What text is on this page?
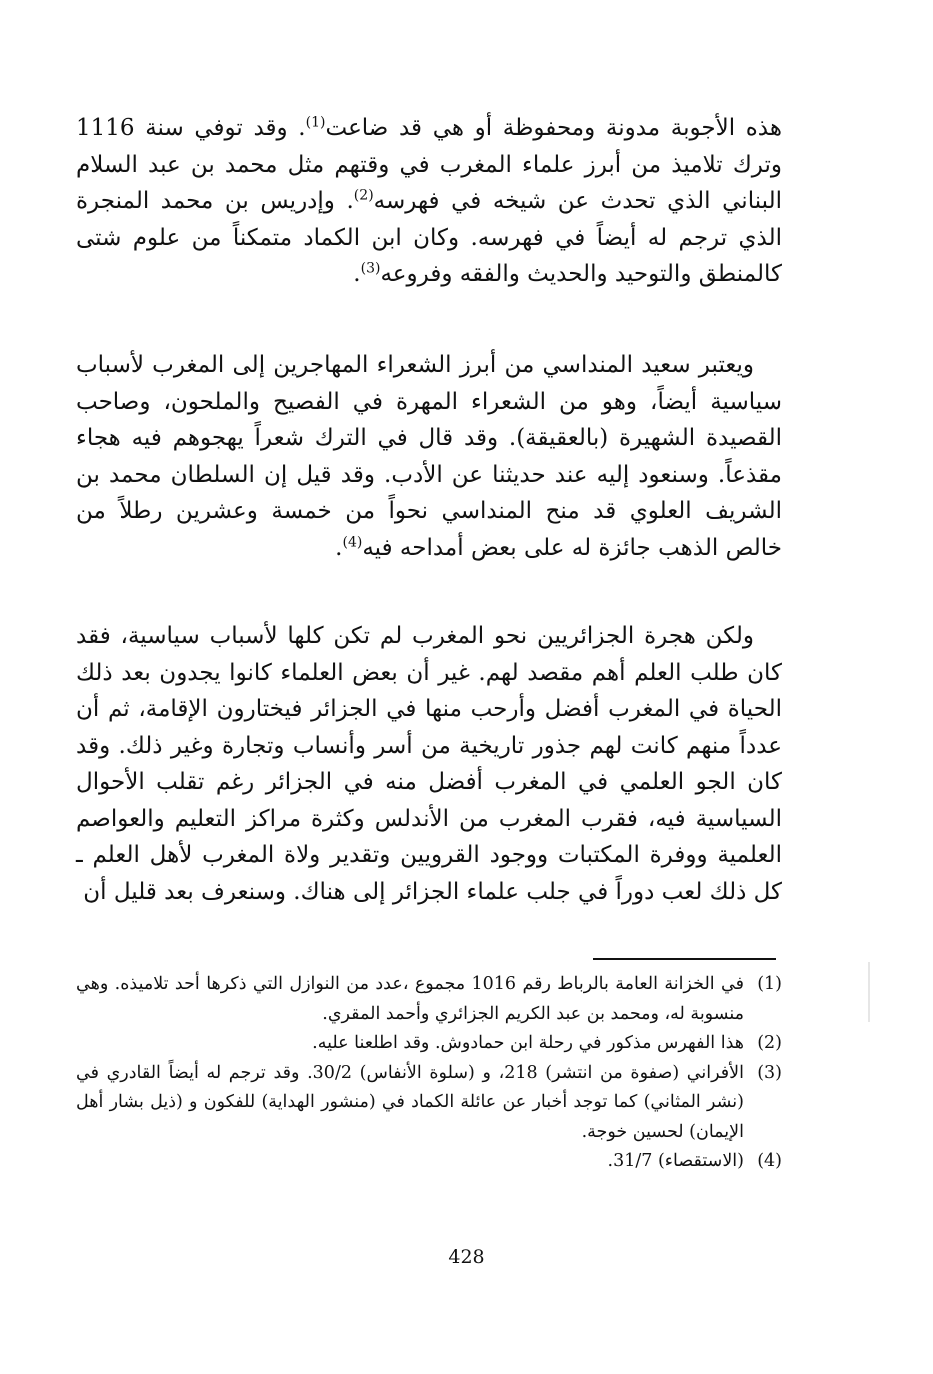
هذه الأجوبة مدونة ومحفوظة أو هي قد ضاعت$^{(1)}$. وقد توفي سنة 1116 وترك تلاميذ من أبرز علماء المغرب في وقتهم مثل محمد بن عبد السلام البناني الذي تحدث عن شيخه في فهرسه$^{(2)}$. وإدريس بن محمد المنجرة الذي ترجم له أيضاً في فهرسه. وكان ابن الكماد متمكناً من علوم شتى كالمنطق والتوحيد والحديث والفقه وفروعه$^{(3)}$.

ويعتبر سعيد المنداسي من أبرز الشعراء المهاجرين إلى المغرب لأسباب سياسية أيضاً، وهو من الشعراء المهرة في الفصيح والملحون، وصاحب القصيدة الشهيرة (بالعقيقة). وقد قال في الترك شعراً يهجوهم فيه هجاء مقذعاً. وسنعود إليه عند حديثنا عن الأدب. وقد قيل إن السلطان محمد بن الشريف العلوي قد منح المنداسي نحواً من خمسة وعشرين رطلاً من خالص الذهب جائزة له على بعض أمداحه فيه$^{(4)}$.

ولكن هجرة الجزائريين نحو المغرب لم تكن كلها لأسباب سياسية، فقد كان طلب العلم أهم مقصد لهم. غير أن بعض العلماء كانوا يجدون بعد ذلك الحياة في المغرب أفضل وأرحب منها في الجزائر فيختارون الإقامة، ثم أن عدداً منهم كانت لهم جذور تاريخية من أسر وأنساب وتجارة وغير ذلك. وقد كان الجو العلمي في المغرب أفضل منه في الجزائر رغم تقلب الأحوال السياسية فيه، فقرب المغرب من الأندلس وكثرة مراكز التعليم والعواصم العلمية ووفرة المكتبات ووجود القرويين وتقدير ولاة المغرب لأهل العلم ـ كل ذلك لعب دوراً في جلب علماء الجزائر إلى هناك. وسنعرف بعد قليل أن

(1)
في الخزانة العامة بالرباط رقم 1016 مجموع ،عدد من النوازل التي ذكرها أحد تلاميذه. وهي منسوبة له، ومحمد بن عبد الكريم الجزائري وأحمد المقري.
(2)
هذا الفهرس مذكور في رحلة ابن حمادوش. وقد اطلعنا عليه.
(3)
الأفراني (صفوة من انتشر) 218، و (سلوة الأنفاس) 30/2. وقد ترجم له أيضاً القادري في (نشر المثاني) كما توجد أخبار عن عائلة الكماد في (منشور الهداية) للفكون و (ذيل بشار أهل الإيمان) لحسين خوجة.
(4)
(الاستقصاء) 31/7.
428
